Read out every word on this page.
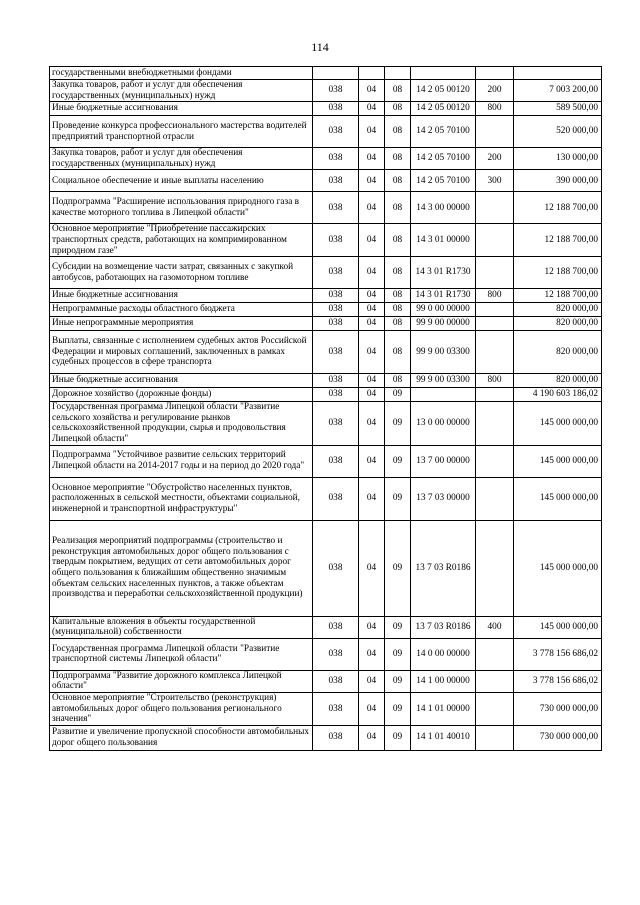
114
государственными внебюджетными фондами						
Закупка товаров, работ и услуг для обеспечения государственных (муниципальных) нужд	038	04	08	14 2 05 00120	200	7 003 200,00
Иные бюджетные ассигнования	038	04	08	14 2 05 00120	800	589 500,00
Проведение конкурса профессионального мастерства водителей предприятий транспортной отрасли	038	04	08	14 2 05 70100		520 000,00
Закупка товаров, работ и услуг для обеспечения государственных (муниципальных) нужд	038	04	08	14 2 05 70100	200	130 000,00
Социальное обеспечение и иные выплаты населению	038	04	08	14 2 05 70100	300	390 000,00
Подпрограмма "Расширение использования природного газа в качестве моторного топлива в Липецкой области"	038	04	08	14 3 00 00000		12 188 700,00
Основное мероприятие "Приобретение пассажирских транспортных средств, работающих на компримированном природном газе"	038	04	08	14 3 01 00000		12 188 700,00
Субсидии на возмещение части затрат, связанных с закупкой автобусов, работающих на газомоторном топливе	038	04	08	14 3 01 R1730		12 188 700,00
Иные бюджетные ассигнования	038	04	08	14 3 01 R1730	800	12 188 700,00
Непрограммные расходы областного бюджета	038	04	08	99 0 00 00000		820 000,00
Иные непрограммные мероприятия	038	04	08	99 9 00 00000		820 000,00
Выплаты, связанные с исполнением судебных актов Российской Федерации и мировых соглашений, заключенных в рамках судебных процессов в сфере транспорта	038	04	08	99 9 00 03300		820 000,00
Иные бюджетные ассигнования	038	04	08	99 9 00 03300	800	820 000,00
Дорожное хозяйство (дорожные фонды)	038	04	09			4 190 603 186,02
Государственная программа Липецкой области "Развитие сельского хозяйства и регулирование рынков сельскохозяйственной продукции, сырья и продовольствия Липецкой области"	038	04	09	13 0 00 00000		145 000 000,00
Подпрограмма "Устойчивое развитие сельских территорий Липецкой области на 2014-2017 годы и на период до 2020 года"	038	04	09	13 7 00 00000		145 000 000,00
Основное мероприятие "Обустройство населенных пунктов, расположенных в сельской местности, объектами социальной, инженерной и транспортной инфраструктуры"	038	04	09	13 7 03 00000		145 000 000,00
Реализация мероприятий подпрограммы (строительство и реконструкция автомобильных дорог общего пользования с твердым покрытием, ведущих от сети автомобильных дорог общего пользования к ближайшим общественно значимым объектам сельских населенных пунктов, а также объектам производства и переработки сельскохозяйственной продукции)	038	04	09	13 7 03 R0186		145 000 000,00
Капитальные вложения в объекты государственной (муниципальной) собственности	038	04	09	13 7 03 R0186	400	145 000 000,00
Государственная программа Липецкой области "Развитие транспортной системы Липецкой области"	038	04	09	14 0 00 00000		3 778 156 686,02
Подпрограмма "Развитие дорожного комплекса Липецкой области"	038	04	09	14 1 00 00000		3 778 156 686,02
Основное мероприятие "Строительство (реконструкция) автомобильных дорог общего пользования регионального значения"	038	04	09	14 1 01 00000		730 000 000,00
Развитие и увеличение пропускной способности автомобильных дорог общего пользования	038	04	09	14 1 01 40010		730 000 000,00
